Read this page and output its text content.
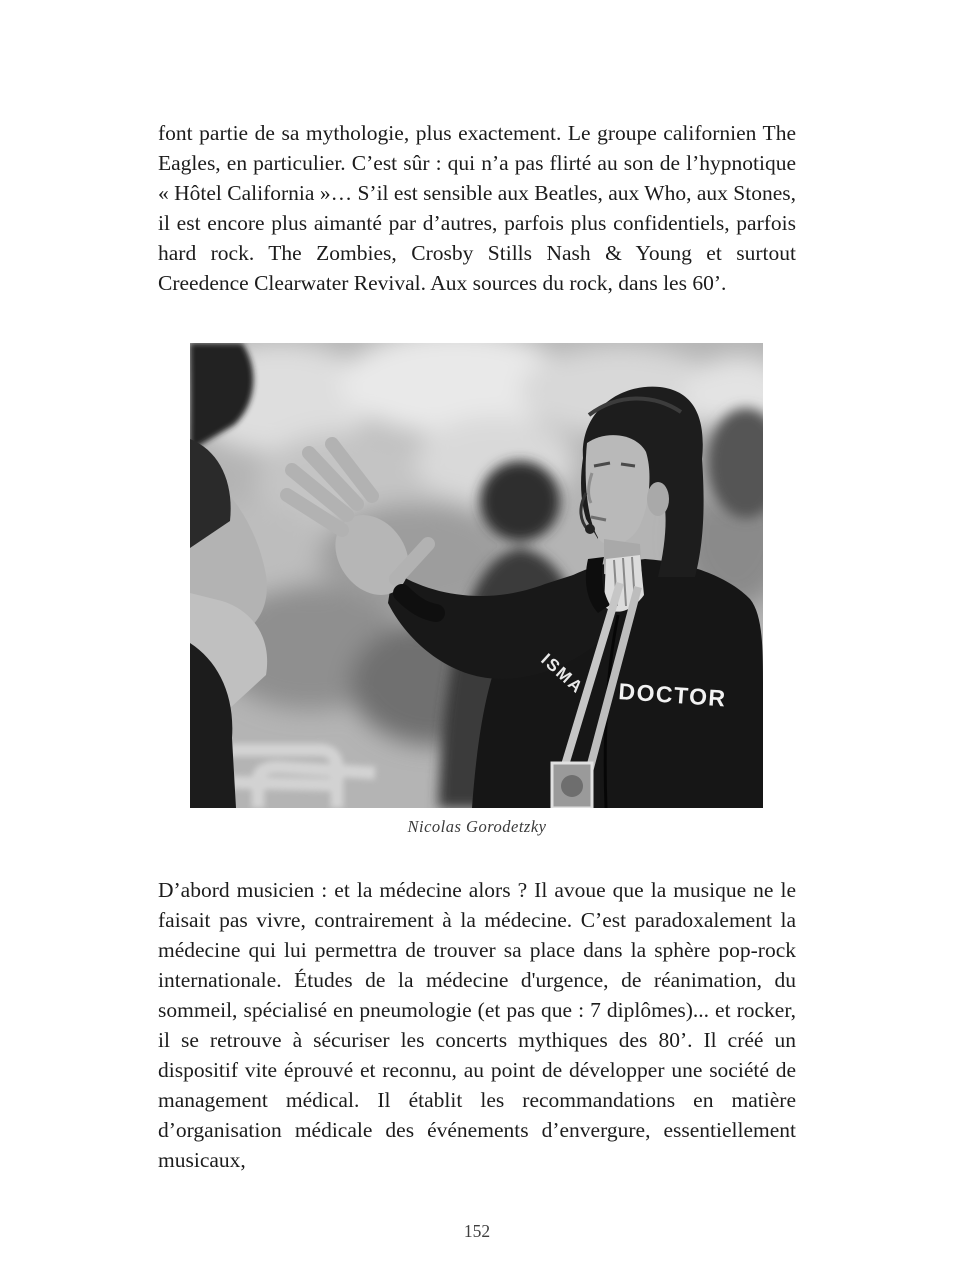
font partie de sa mythologie, plus exactement. Le groupe californien The Eagles, en particulier. C’est sûr : qui n’a pas flirté au son de l’hypnotique « Hôtel California »… S’il est sensible aux Beatles, aux Who, aux Stones, il est encore plus aimanté par d’autres, parfois plus confidentiels, parfois hard rock. The Zombies, Crosby Stills Nash & Young et surtout Creedence Clearwater Revival. Aux sources du rock, dans les 60’.

ISMA DOCTOR
Nicolas Gorodetzky

D’abord musicien : et la médecine alors ? Il avoue que la musique ne le faisait pas vivre, contrairement à la médecine. C’est paradoxalement la médecine qui lui permettra de trouver sa place dans la sphère pop-rock internationale. Études de la médecine d'urgence, de réanimation, du sommeil, spécialisé en pneumologie (et pas que : 7 diplômes)... et rocker, il se retrouve à sécuriser les concerts mythiques des 80’. Il créé un dispositif vite éprouvé et reconnu, au point de développer une société de management médical. Il établit les recommandations en matière d’organisation médicale des événements d’envergure, essentiellement musicaux,

152
